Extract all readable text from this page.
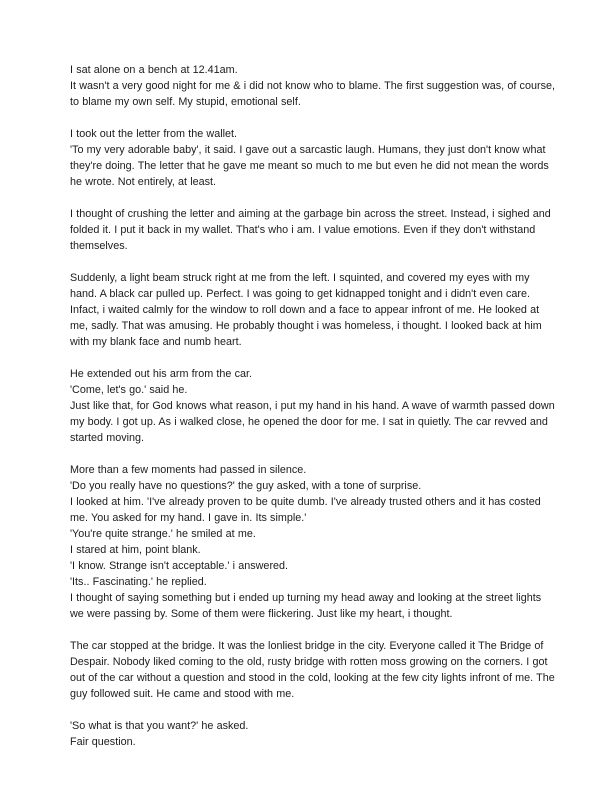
I sat alone on a bench at 12.41am.
It wasn't a very good night for me & i did not know who to blame. The first suggestion was, of course, to blame my own self. My stupid, emotional self.
I took out the letter from the wallet.
'To my very adorable baby', it said. I gave out a sarcastic laugh. Humans, they just don't know what they're doing. The letter that he gave me meant so much to me but even he did not mean the words he wrote. Not entirely, at least.
I thought of crushing the letter and aiming at the garbage bin across the street. Instead, i sighed and folded it. I put it back in my wallet. That's who i am. I value emotions. Even if they don't withstand themselves.
Suddenly, a light beam struck right at me from the left. I squinted, and covered my eyes with my hand. A black car pulled up. Perfect. I was going to get kidnapped tonight and i didn't even care. Infact, i waited calmly for the window to roll down and a face to appear infront of me. He looked at me, sadly. That was amusing. He probably thought i was homeless, i thought. I looked back at him with my blank face and numb heart.
He extended out his arm from the car.
'Come, let's go.' said he.
Just like that, for God knows what reason, i put my hand in his hand. A wave of warmth passed down my body. I got up. As i walked close, he opened the door for me. I sat in quietly. The car revved and started moving.
More than a few moments had passed in silence.
'Do you really have no questions?' the guy asked, with a tone of surprise.
I looked at him. 'I've already proven to be quite dumb. I've already trusted others and it has costed me. You asked for my hand. I gave in. Its simple.'
'You're quite strange.' he smiled at me.
I stared at him, point blank.
'I know. Strange isn't acceptable.' i answered.
'Its.. Fascinating.' he replied.
I thought of saying something but i ended up turning my head away and looking at the street lights we were passing by. Some of them were flickering. Just like my heart, i thought.
The car stopped at the bridge. It was the lonliest bridge in the city. Everyone called it The Bridge of Despair. Nobody liked coming to the old, rusty bridge with rotten moss growing on the corners. I got out of the car without a question and stood in the cold, looking at the few city lights infront of me. The guy followed suit. He came and stood with me.
'So what is that you want?' he asked.
Fair question.
